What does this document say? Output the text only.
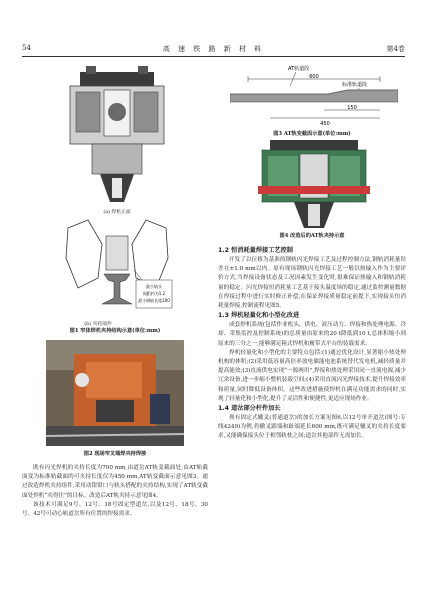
54	高 速 铁 路 新 材 料	第4卷
(a) 焊机正面
最小轨头
间距约为1.2
最小钢轨长度200
(b) 夹持部件
图1 窄体焊机夹持结构示意(单位:mm)
图2 现场窄叉端焊夹持焊接

既有闪光焊机的夹持长度为700 mm,由道岔AT轨变截面处,由AT轨截面变为标准轨截面的可夹持长度仅为450 mm,AT轨变截面示意见图3。通过改造焊机夹持组件,采用动钳钳口与轨头搭配的夹持结构,实现了AT轨变截面处焊机“夹得住”的目标。改造后AT轨夹持示意见图4。

该技术可满足9号、12号、18号固定型道岔,以及12号、18号、30号、42号可动心轨道岔所有位置的焊接需求。

AT轨道段
标准轨道段
600
150
450
图3 AT轨变截面示意(单位:mm)
图4 改造后的AT轨夹持示意
1.2 恒消耗量焊接工艺控制

开发了以位移为基准的钢轨闪光焊接工艺及过程控制方法,钢轨消耗量误差在±1.0 mm以内。原有现场钢轨闪光焊接工艺一般以热输入作为主要评价方式,当焊接设备状态及工况因素发生变化时,很难保证热输入和钢轨消耗量的稳定。闪光焊接恒消耗量工艺基于接头温度场的稳定,通过监控测量数据在焊接过程中进行实时修正补偿,在保证焊接质量稳定前提下,实现接头恒消耗量焊接,控制流程见图5。

1.3 焊机轻量化和小型化改进

成套焊机系统(包括作业机头、供电、液压动力、焊接和热处理电源、冷却、采集监控及控制系统)的总质量由原来的20 t降低到10 t,总体积缩小到原来的三分之一,能够满足箱式焊机和履带式平台的装载需求。

焊机轻量化和小型化的主要特点包括:(1)通过优化设计,显著缩小热处理机构的体积;(2)采用低容量高倍率放电储能电池系统替代发电机,减轻质量并提高能效;(3)直流供电实现“一源两用”,焊接和热处理采用同一直流电源,减少冗余设备,进一步缩小整机装载空间;(4)采用直流闪光焊接技术,提升焊接效率和质量,同时降低设备体积。这些改进措施使焊机在满足功能需求的同时,实现了轻量化和小型化,提升了灵活性和便捷性,更适应现场作业。

1.4 道岔部分杆件加长

现有固定式辙叉(普通道岔)的加长方案见图6,以12号单开道岔(图号:专线4249)为例,将辙叉跟端和趾端延长600 mm,既可满足辙叉的夹持长度要求,又能确保接头位于相邻轨枕之间;道岔其他部件无需加长。
